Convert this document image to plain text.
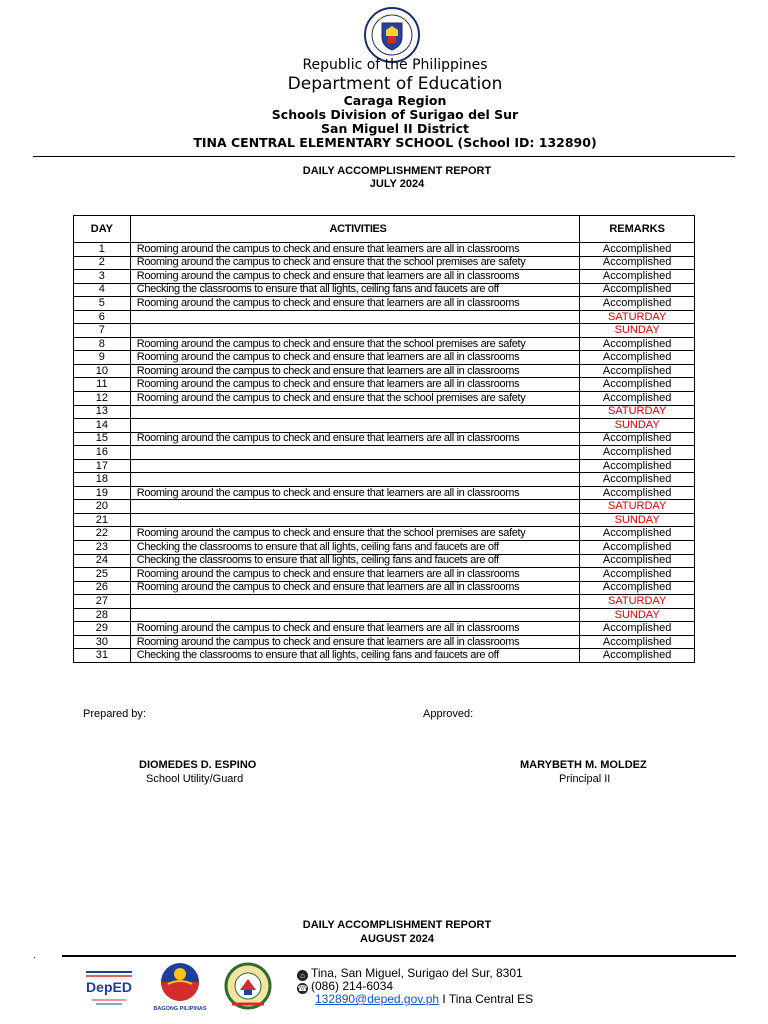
Republic of the Philippines
Department of Education
Caraga Region
Schools Division of Surigao del Sur
San Miguel II District
TINA CENTRAL ELEMENTARY SCHOOL (School ID: 132890)
DAILY ACCOMPLISHMENT REPORT
JULY 2024
DAY	ACTIVITIES	REMARKS
1	Rooming around the campus to check and ensure that learners are all in classrooms	Accomplished
2	Rooming around the campus to check and ensure that the school premises are safety	Accomplished
3	Rooming around the campus to check and ensure that learners are all in classrooms	Accomplished
4	Checking the classrooms to ensure that all lights, ceiling fans and faucets are off	Accomplished
5	Rooming around the campus to check and ensure that learners are all in classrooms	Accomplished
6		SATURDAY
7		SUNDAY
8	Rooming around the campus to check and ensure that the school premises are safety	Accomplished
9	Rooming around the campus to check and ensure that learners are all in classrooms	Accomplished
10	Rooming around the campus to check and ensure that learners are all in classrooms	Accomplished
11	Rooming around the campus to check and ensure that learners are all in classrooms	Accomplished
12	Rooming around the campus to check and ensure that the school premises are safety	Accomplished
13		SATURDAY
14		SUNDAY
15	Rooming around the campus to check and ensure that learners are all in classrooms	Accomplished
16		Accomplished
17		Accomplished
18		Accomplished
19	Rooming around the campus to check and ensure that learners are all in classrooms	Accomplished
20		SATURDAY
21		SUNDAY
22	Rooming around the campus to check and ensure that the school premises are safety	Accomplished
23	Checking the classrooms to ensure that all lights, ceiling fans and faucets are off	Accomplished
24	Checking the classrooms to ensure that all lights, ceiling fans and faucets are off	Accomplished
25	Rooming around the campus to check and ensure that learners are all in classrooms	Accomplished
26	Rooming around the campus to check and ensure that learners are all in classrooms	Accomplished
27		SATURDAY
28		SUNDAY
29	Rooming around the campus to check and ensure that learners are all in classrooms	Accomplished
30	Rooming around the campus to check and ensure that learners are all in classrooms	Accomplished
31	Checking the classrooms to ensure that all lights, ceiling fans and faucets are off	Accomplished
Prepared by:	Approved:
DIOMEDES D. ESPINO
School Utility/Guard
MARYBETH M. MOLDEZ
Principal II
DAILY ACCOMPLISHMENT REPORT
AUGUST 2024
.
DepED
BAGONG PILIPINAS
⌂ Tina, San Miguel, Surigao del Sur, 8301
☎ (086) 214-6034
132890@deped.gov.ph I Tina Central ES
